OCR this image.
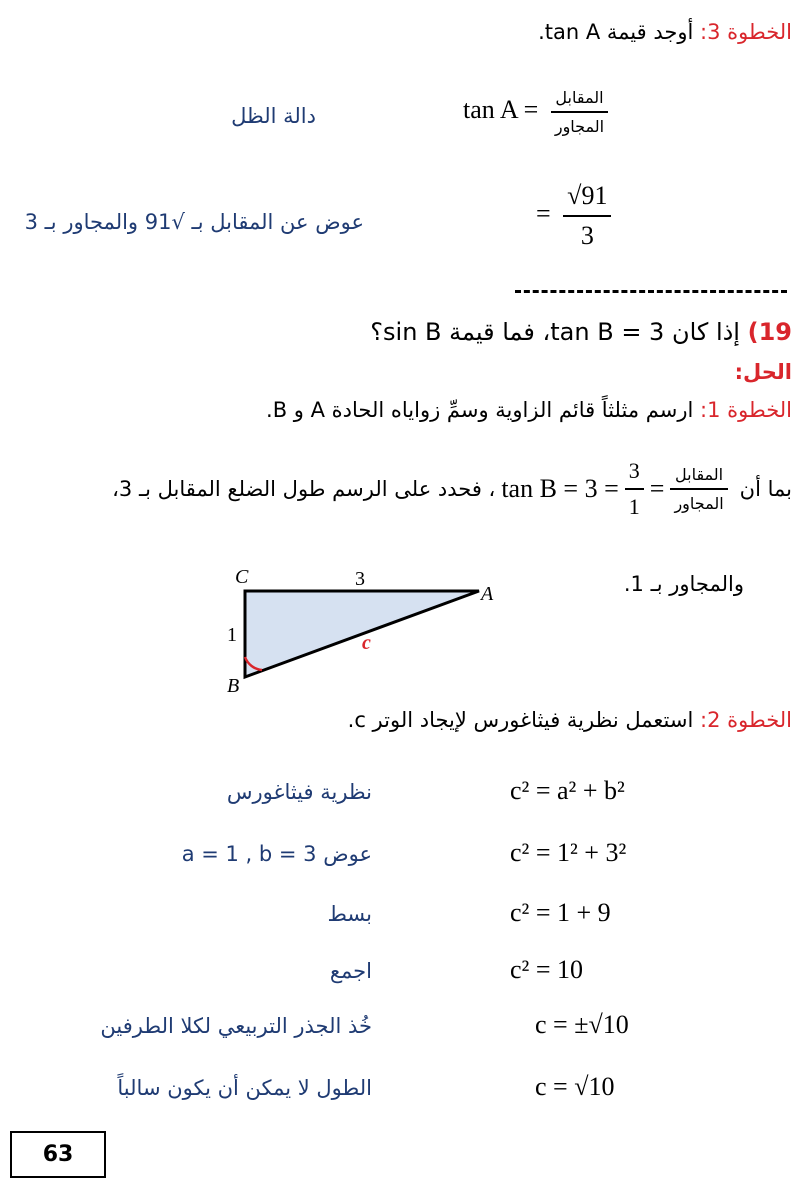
الخطوة 3: أوجد قيمة tan A.
$\tan A = \frac{\text{المقابل}}{\text{المجاور}}$
دالة الظل
= $\frac{√91}{3}$
عوض عن المقابل بـ √91 والمجاور بـ 3
19) إذا كان tan B = 3، فما قيمة sin B؟
الحل:
الخطوة 1: ارسم مثلثاً قائم الزاوية وسمِّ زواياه الحادة A و B.
بما أن
$\tan B = 3 = \frac{3}{1} = \frac{\text{المقابل}}{\text{المجاور}}$
، فحدد على الرسم طول الضلع المقابل بـ 3،
والمجاور بـ 1.
C
A
B
3
1	c
الخطوة 2: استعمل نظرية فيثاغورس لإيجاد الوتر c.
c² = a² + b²
نظرية فيثاغورس
c² = 1² + 3²
عوض a = 1 , b = 3
c² = 1 + 9
بسط
c² = 10
اجمع
c = ±√10
خُذ الجذر التربيعي لكلا الطرفين
c = √10
الطول لا يمكن أن يكون سالباً
63
